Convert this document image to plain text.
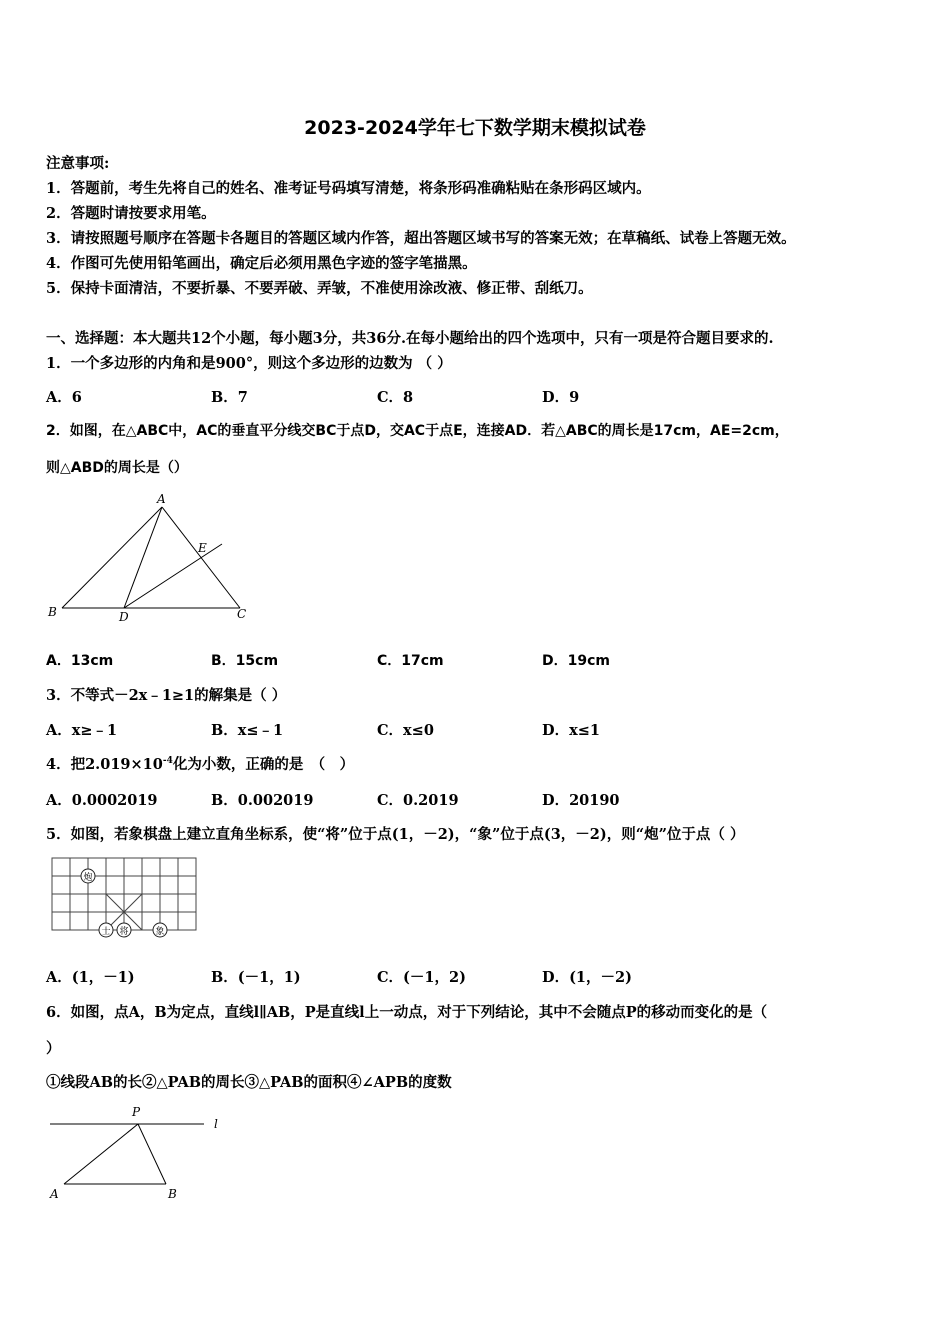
2023-2024学年七下数学期末模拟试卷
注意事项:
1．答题前，考生先将自己的姓名、准考证号码填写清楚，将条形码准确粘贴在条形码区域内。
2．答题时请按要求用笔。
3．请按照题号顺序在答题卡各题目的答题区域内作答，超出答题区域书写的答案无效；在草稿纸、试卷上答题无效。
4．作图可先使用铅笔画出，确定后必须用黑色字迹的签字笔描黑。
5．保持卡面清洁，不要折暴、不要弄破、弄皱，不准使用涂改液、修正带、刮纸刀。
一、选择题：本大题共12个小题，每小题3分，共36分.在每小题给出的四个选项中，只有一项是符合题目要求的.
1．一个多边形的内角和是900°，则这个多边形的边数为 （ ）
A．6	B．7	C．8	D．9
2．如图，在△ABC中，AC的垂直平分线交BC于点D，交AC于点E，连接AD．若△ABC的周长是17cm，AE=2cm，
则△ABD的周长是（）
A
B	C
D
E
A．13cm	B．15cm	C．17cm	D．19cm
3．不等式－2x﹣1≥1的解集是（ ）
A．x≥﹣1	B．x≤﹣1	C．x≤0	D．x≤1
4．把$2.019\times 10^{-4}$化为小数，正确的是　（　）
A．0.0002019	B．0.002019	C．0.2019	D．20190
5．如图，若象棋盘上建立直角坐标系，使“将”位于点(1，－2)，“象”位于点(3，－2)，则“炮”位于点（ ）
炮
士 将	象
A．(1，－1)	B．(－1，1)	C．(－1，2)	D．(1，－2)
6．如图，点A，B为定点，直线l∥AB，P是直线l上一动点，对于下列结论，其中不会随点P的移动而变化的是（
）
①线段AB的长②△PAB的周长③△PAB的面积④∠APB的度数
P
l
A	B
